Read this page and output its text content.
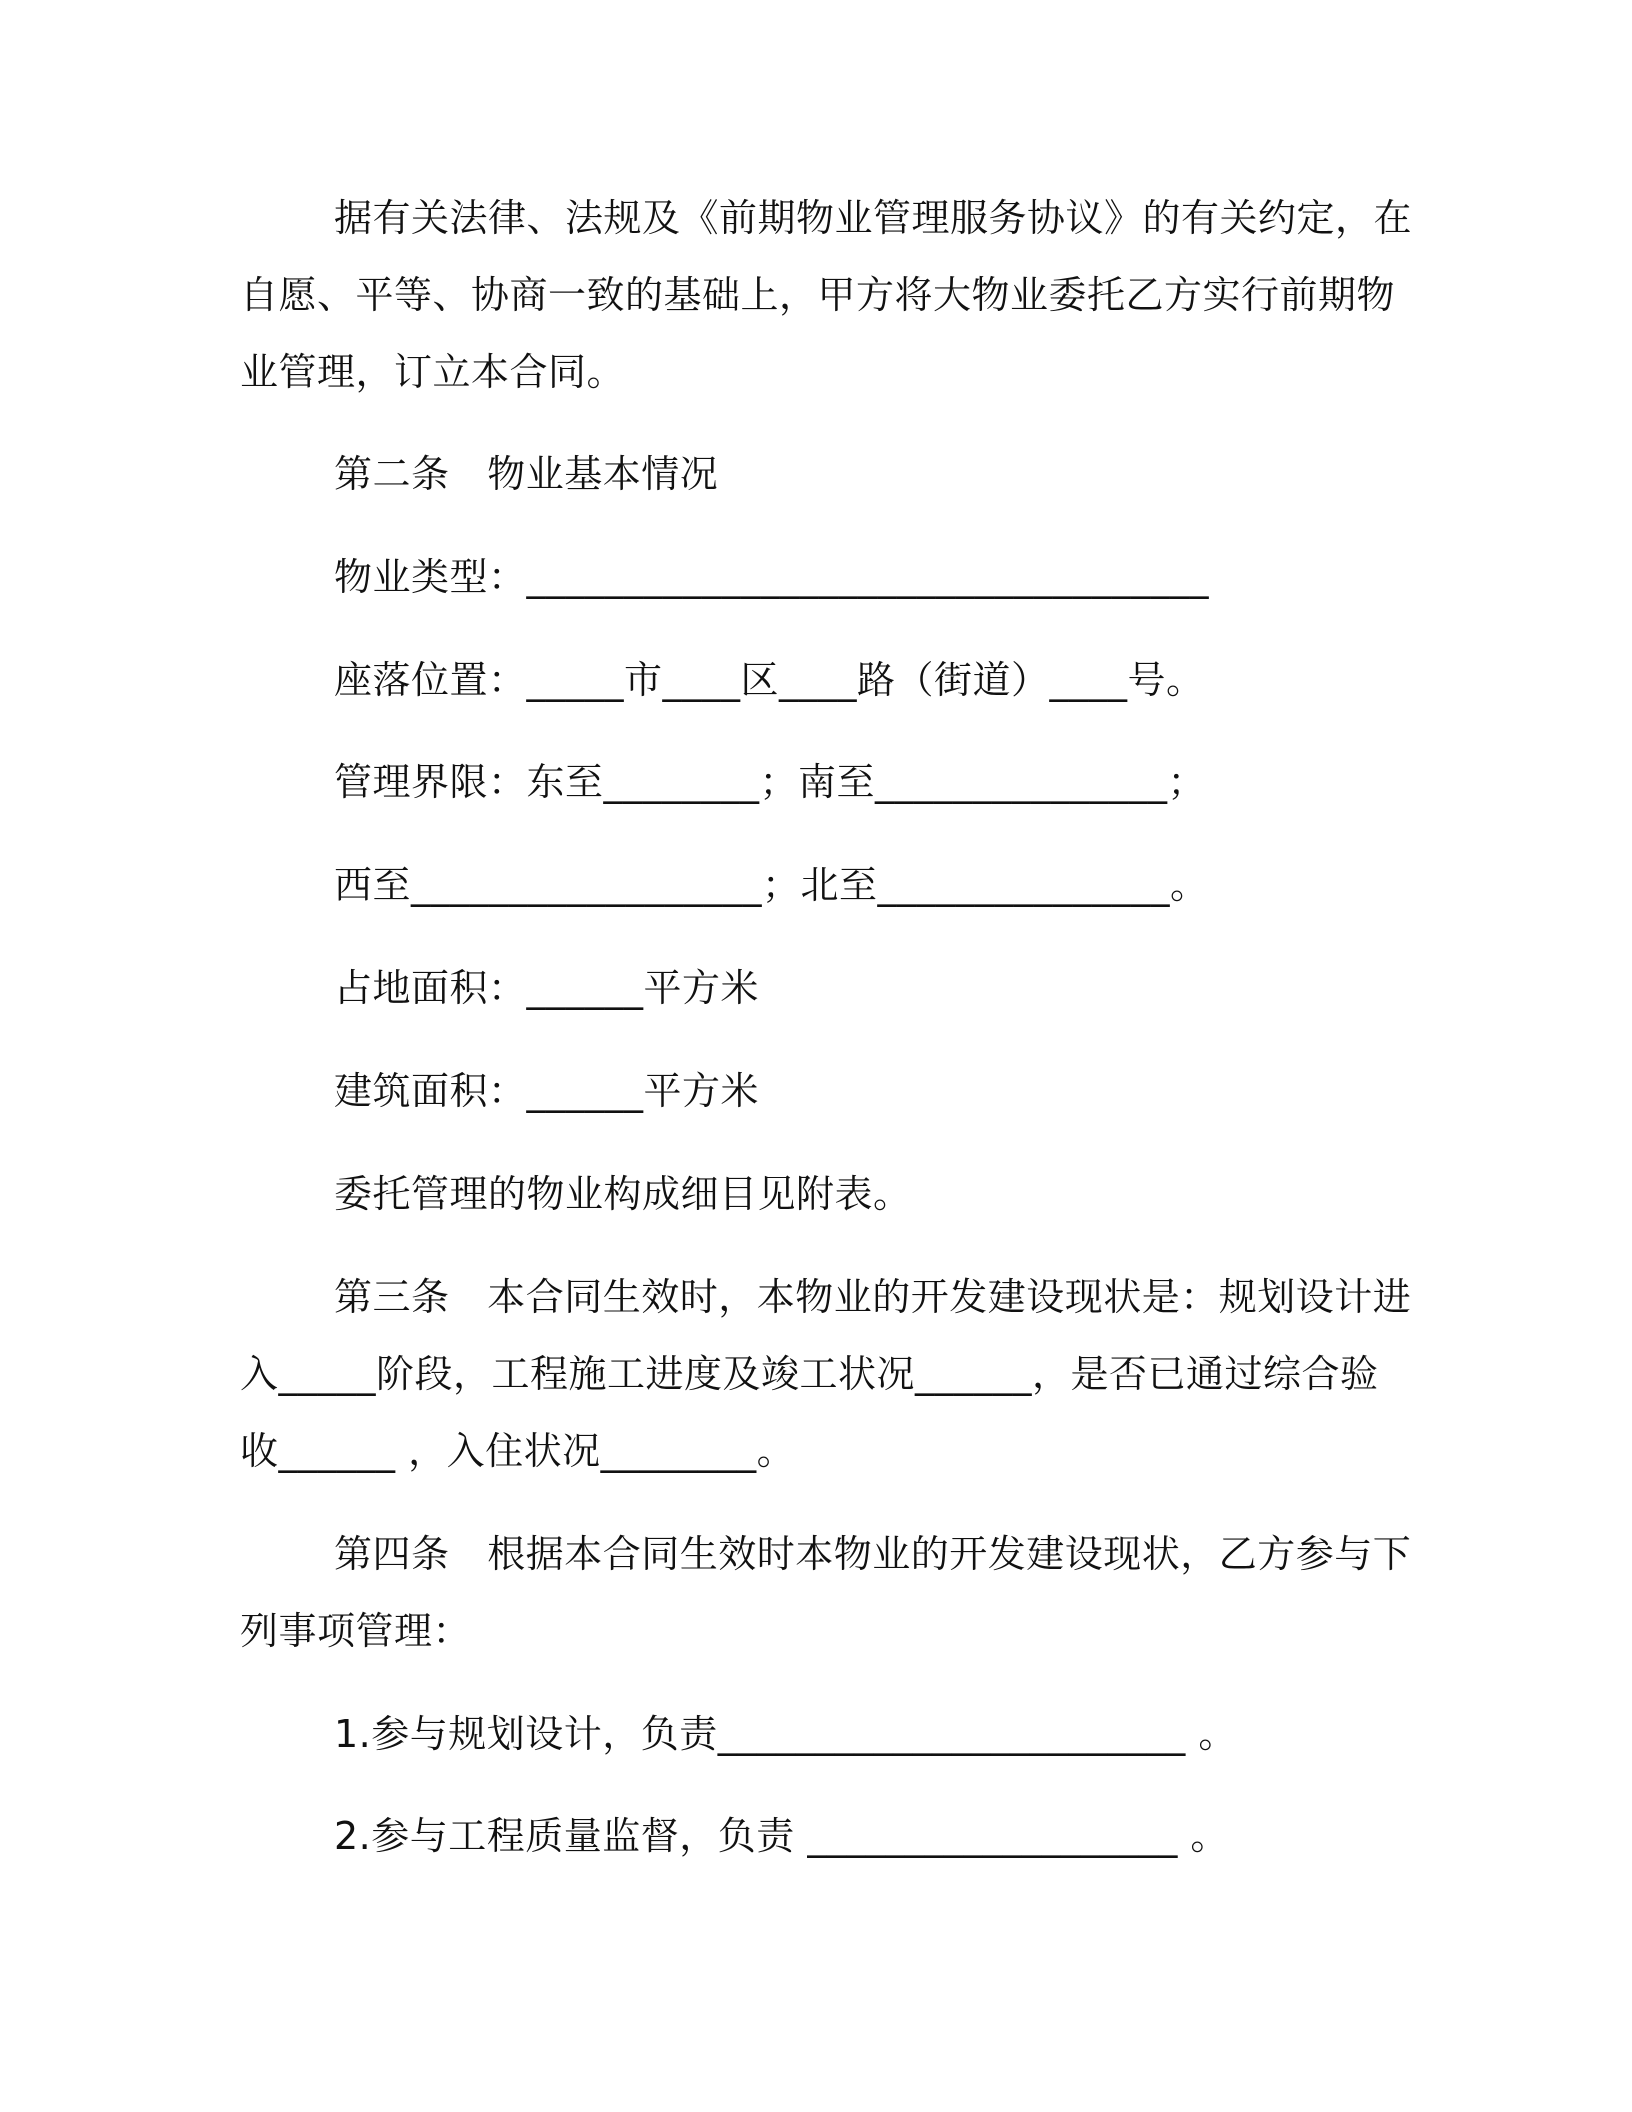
据有关法律、法规及《前期物业管理服务协议》的有关约定，在
自愿、平等、协商一致的基础上，甲方将大物业委托乙方实行前期物
业管理，订立本合同。
第二条   物业基本情况
物业类型：___________________________________
座落位置：_____市____区____路（街道）____号。
管理界限：东至________；南至_______________；
西至__________________；北至_______________。
占地面积：______平方米
建筑面积：______平方米
委托管理的物业构成细目见附表。
第三条   本合同生效时，本物业的开发建设现状是：规划设计进
入_____阶段，工程施工进度及竣工状况______，是否已通过综合验
收______ ，入住状况________。
第四条   根据本合同生效时本物业的开发建设现状，乙方参与下
列事项管理：
1.参与规划设计，负责________________________ 。
2.参与工程质量监督，负责 ___________________ 。
